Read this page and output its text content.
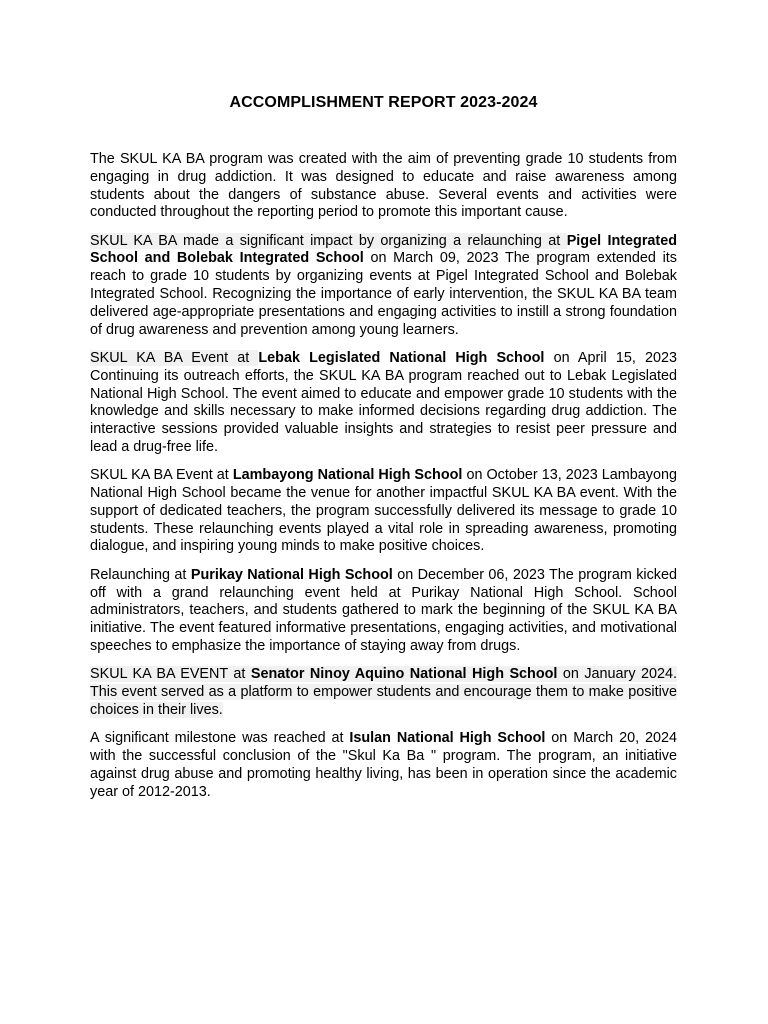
ACCOMPLISHMENT REPORT 2023-2024

The SKUL KA BA program was created with the aim of preventing grade 10 students from engaging in drug addiction. It was designed to educate and raise awareness among students about the dangers of substance abuse. Several events and activities were conducted throughout the reporting period to promote this important cause.

SKUL KA BA made a significant impact by organizing a relaunching at Pigel Integrated School and Bolebak Integrated School on March 09, 2023 The program extended its reach to grade 10 students by organizing events at Pigel Integrated School and Bolebak Integrated School. Recognizing the importance of early intervention, the SKUL KA BA team delivered age-appropriate presentations and engaging activities to instill a strong foundation of drug awareness and prevention among young learners.

SKUL KA BA Event at Lebak Legislated National High School on April 15, 2023 Continuing its outreach efforts, the SKUL KA BA program reached out to Lebak Legislated National High School. The event aimed to educate and empower grade 10 students with the knowledge and skills necessary to make informed decisions regarding drug addiction. The interactive sessions provided valuable insights and strategies to resist peer pressure and lead a drug-free life.

SKUL KA BA Event at Lambayong National High School on October 13, 2023 Lambayong National High School became the venue for another impactful SKUL KA BA event. With the support of dedicated teachers, the program successfully delivered its message to grade 10 students. These relaunching events played a vital role in spreading awareness, promoting dialogue, and inspiring young minds to make positive choices.

Relaunching at Purikay National High School on December 06, 2023 The program kicked off with a grand relaunching event held at Purikay National High School. School administrators, teachers, and students gathered to mark the beginning of the SKUL KA BA initiative. The event featured informative presentations, engaging activities, and motivational speeches to emphasize the importance of staying away from drugs.

SKUL KA BA EVENT at Senator Ninoy Aquino National High School on January 2024. This event served as a platform to empower students and encourage them to make positive choices in their lives.

A significant milestone was reached at Isulan National High School on March 20, 2024 with the successful conclusion of the "Skul Ka Ba " program. The program, an initiative against drug abuse and promoting healthy living, has been in operation since the academic year of 2012-2013.
